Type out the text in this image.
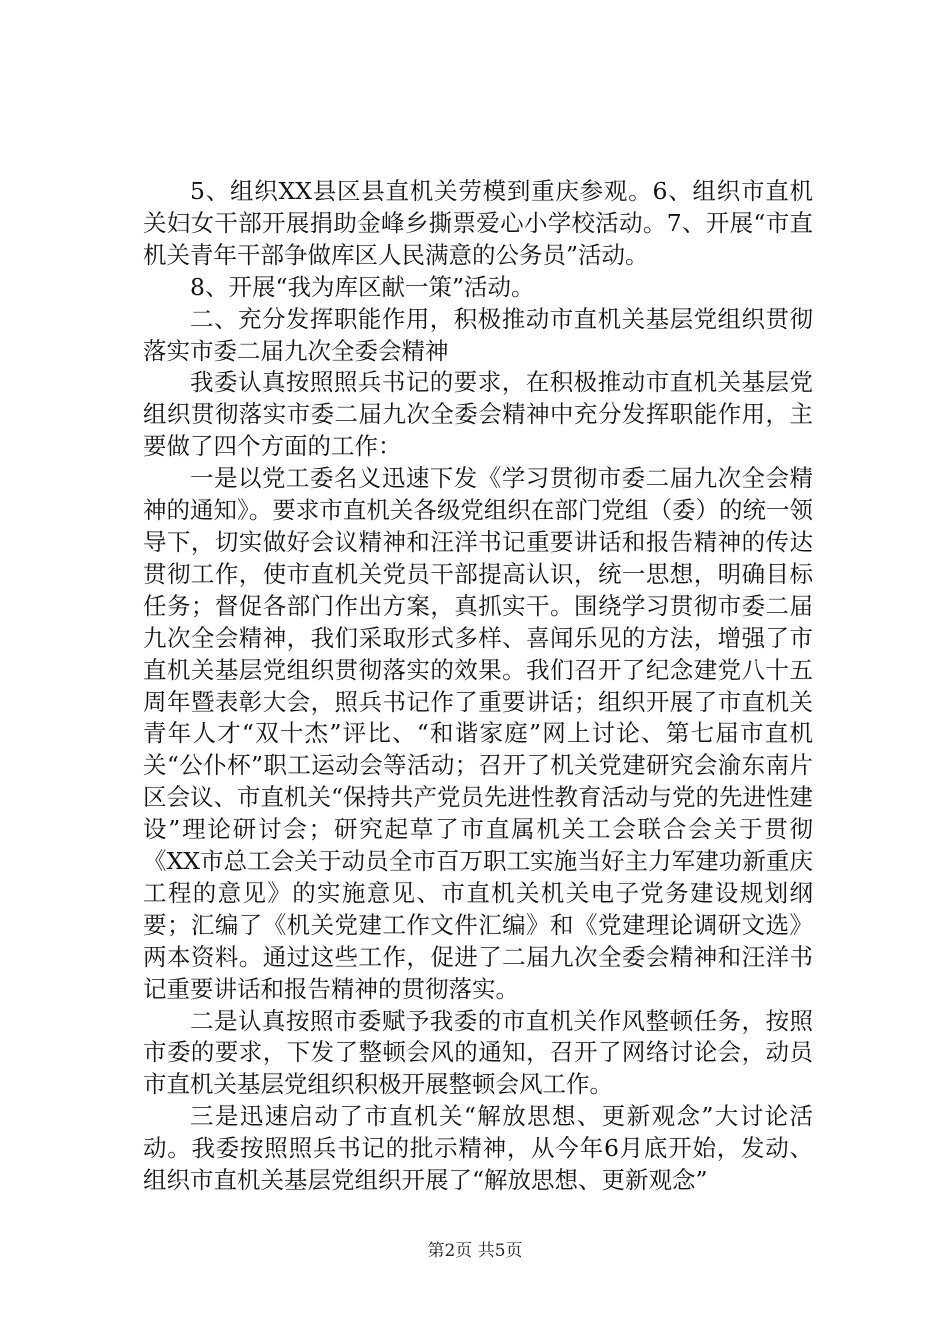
5、组织XX县区县直机关劳模到重庆参观。6、组织市直机关妇女干部开展捐助金峰乡撕票爱心小学校活动。7、开展“市直机关青年干部争做库区人民满意的公务员”活动。

8、开展“我为库区献一策”活动。

二、充分发挥职能作用，积极推动市直机关基层党组织贯彻落实市委二届九次全委会精神

我委认真按照照兵书记的要求，在积极推动市直机关基层党组织贯彻落实市委二届九次全委会精神中充分发挥职能作用，主要做了四个方面的工作：

一是以党工委名义迅速下发《学习贯彻市委二届九次全会精神的通知》。要求市直机关各级党组织在部门党组（委）的统一领导下，切实做好会议精神和汪洋书记重要讲话和报告精神的传达贯彻工作，使市直机关党员干部提高认识，统一思想，明确目标任务；督促各部门作出方案，真抓实干。围绕学习贯彻市委二届九次全会精神，我们采取形式多样、喜闻乐见的方法，增强了市直机关基层党组织贯彻落实的效果。我们召开了纪念建党八十五周年暨表彰大会，照兵书记作了重要讲话；组织开展了市直机关青年人才“双十杰”评比、“和谐家庭”网上讨论、第七届市直机关“公仆杯”职工运动会等活动；召开了机关党建研究会渝东南片区会议、市直机关“保持共产党员先进性教育活动与党的先进性建设”理论研讨会；研究起草了市直属机关工会联合会关于贯彻《XX市总工会关于动员全市百万职工实施当好主力军建功新重庆工程的意见》的实施意见、市直机关机关电子党务建设规划纲要；汇编了《机关党建工作文件汇编》和《党建理论调研文选》两本资料。通过这些工作，促进了二届九次全委会精神和汪洋书记重要讲话和报告精神的贯彻落实。

二是认真按照市委赋予我委的市直机关作风整顿任务，按照市委的要求，下发了整顿会风的通知，召开了网络讨论会，动员市直机关基层党组织积极开展整顿会风工作。

三是迅速启动了市直机关“解放思想、更新观念”大讨论活动。我委按照照兵书记的批示精神，从今年6月底开始，发动、组织市直机关基层党组织开展了“解放思想、更新观念”

第2页 共5页
